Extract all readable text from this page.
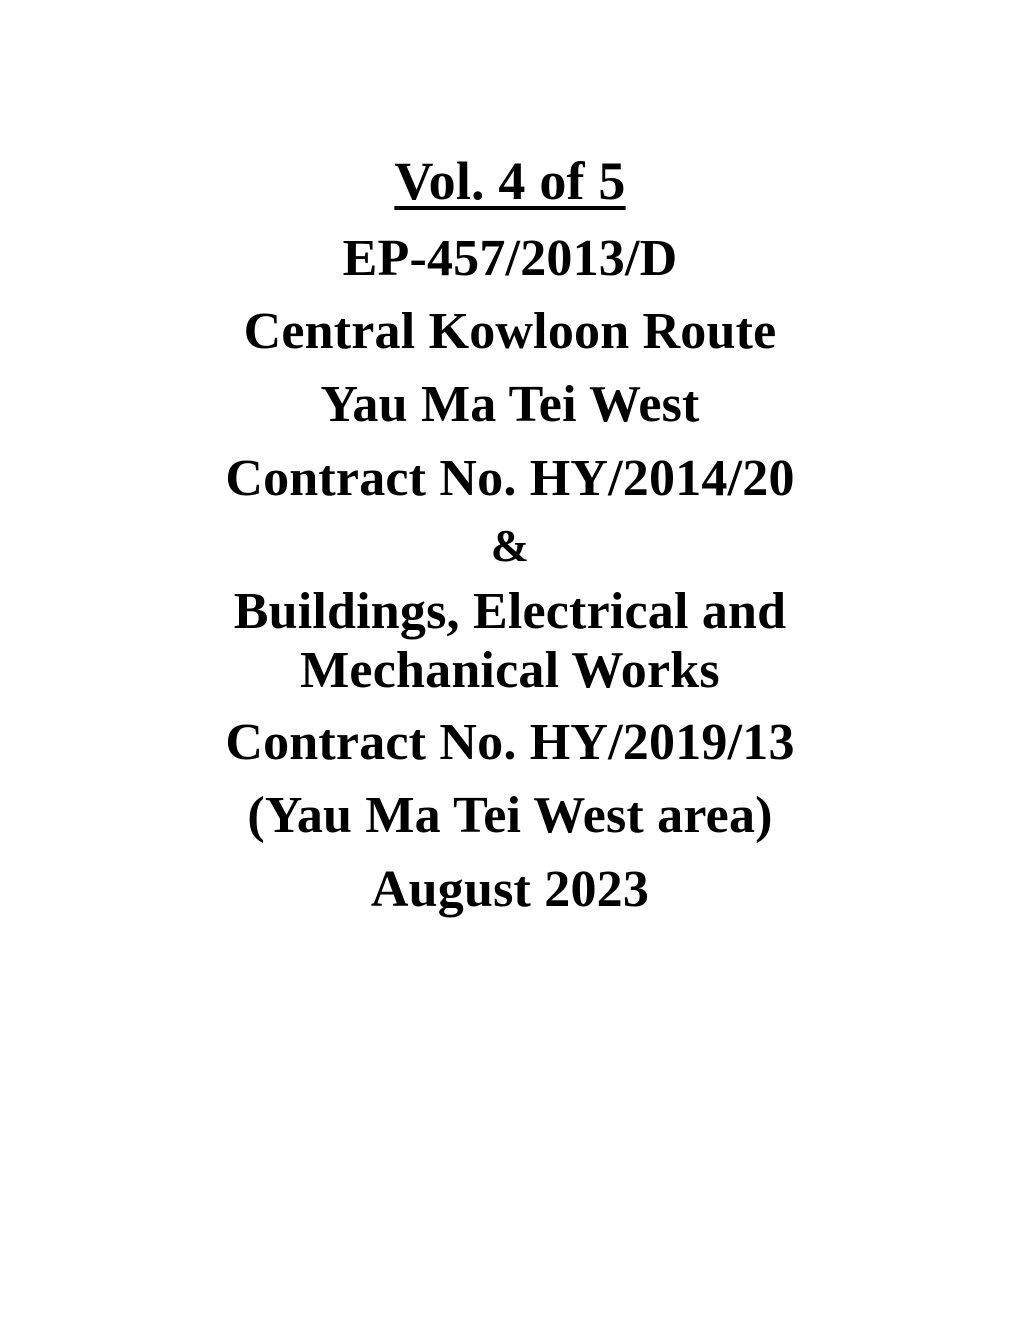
Vol. 4 of 5
EP-457/2013/D
Central Kowloon Route
Yau Ma Tei West
Contract No. HY/2014/20
&
Buildings, Electrical and Mechanical Works
Contract No. HY/2019/13
(Yau Ma Tei West area)
August 2023
